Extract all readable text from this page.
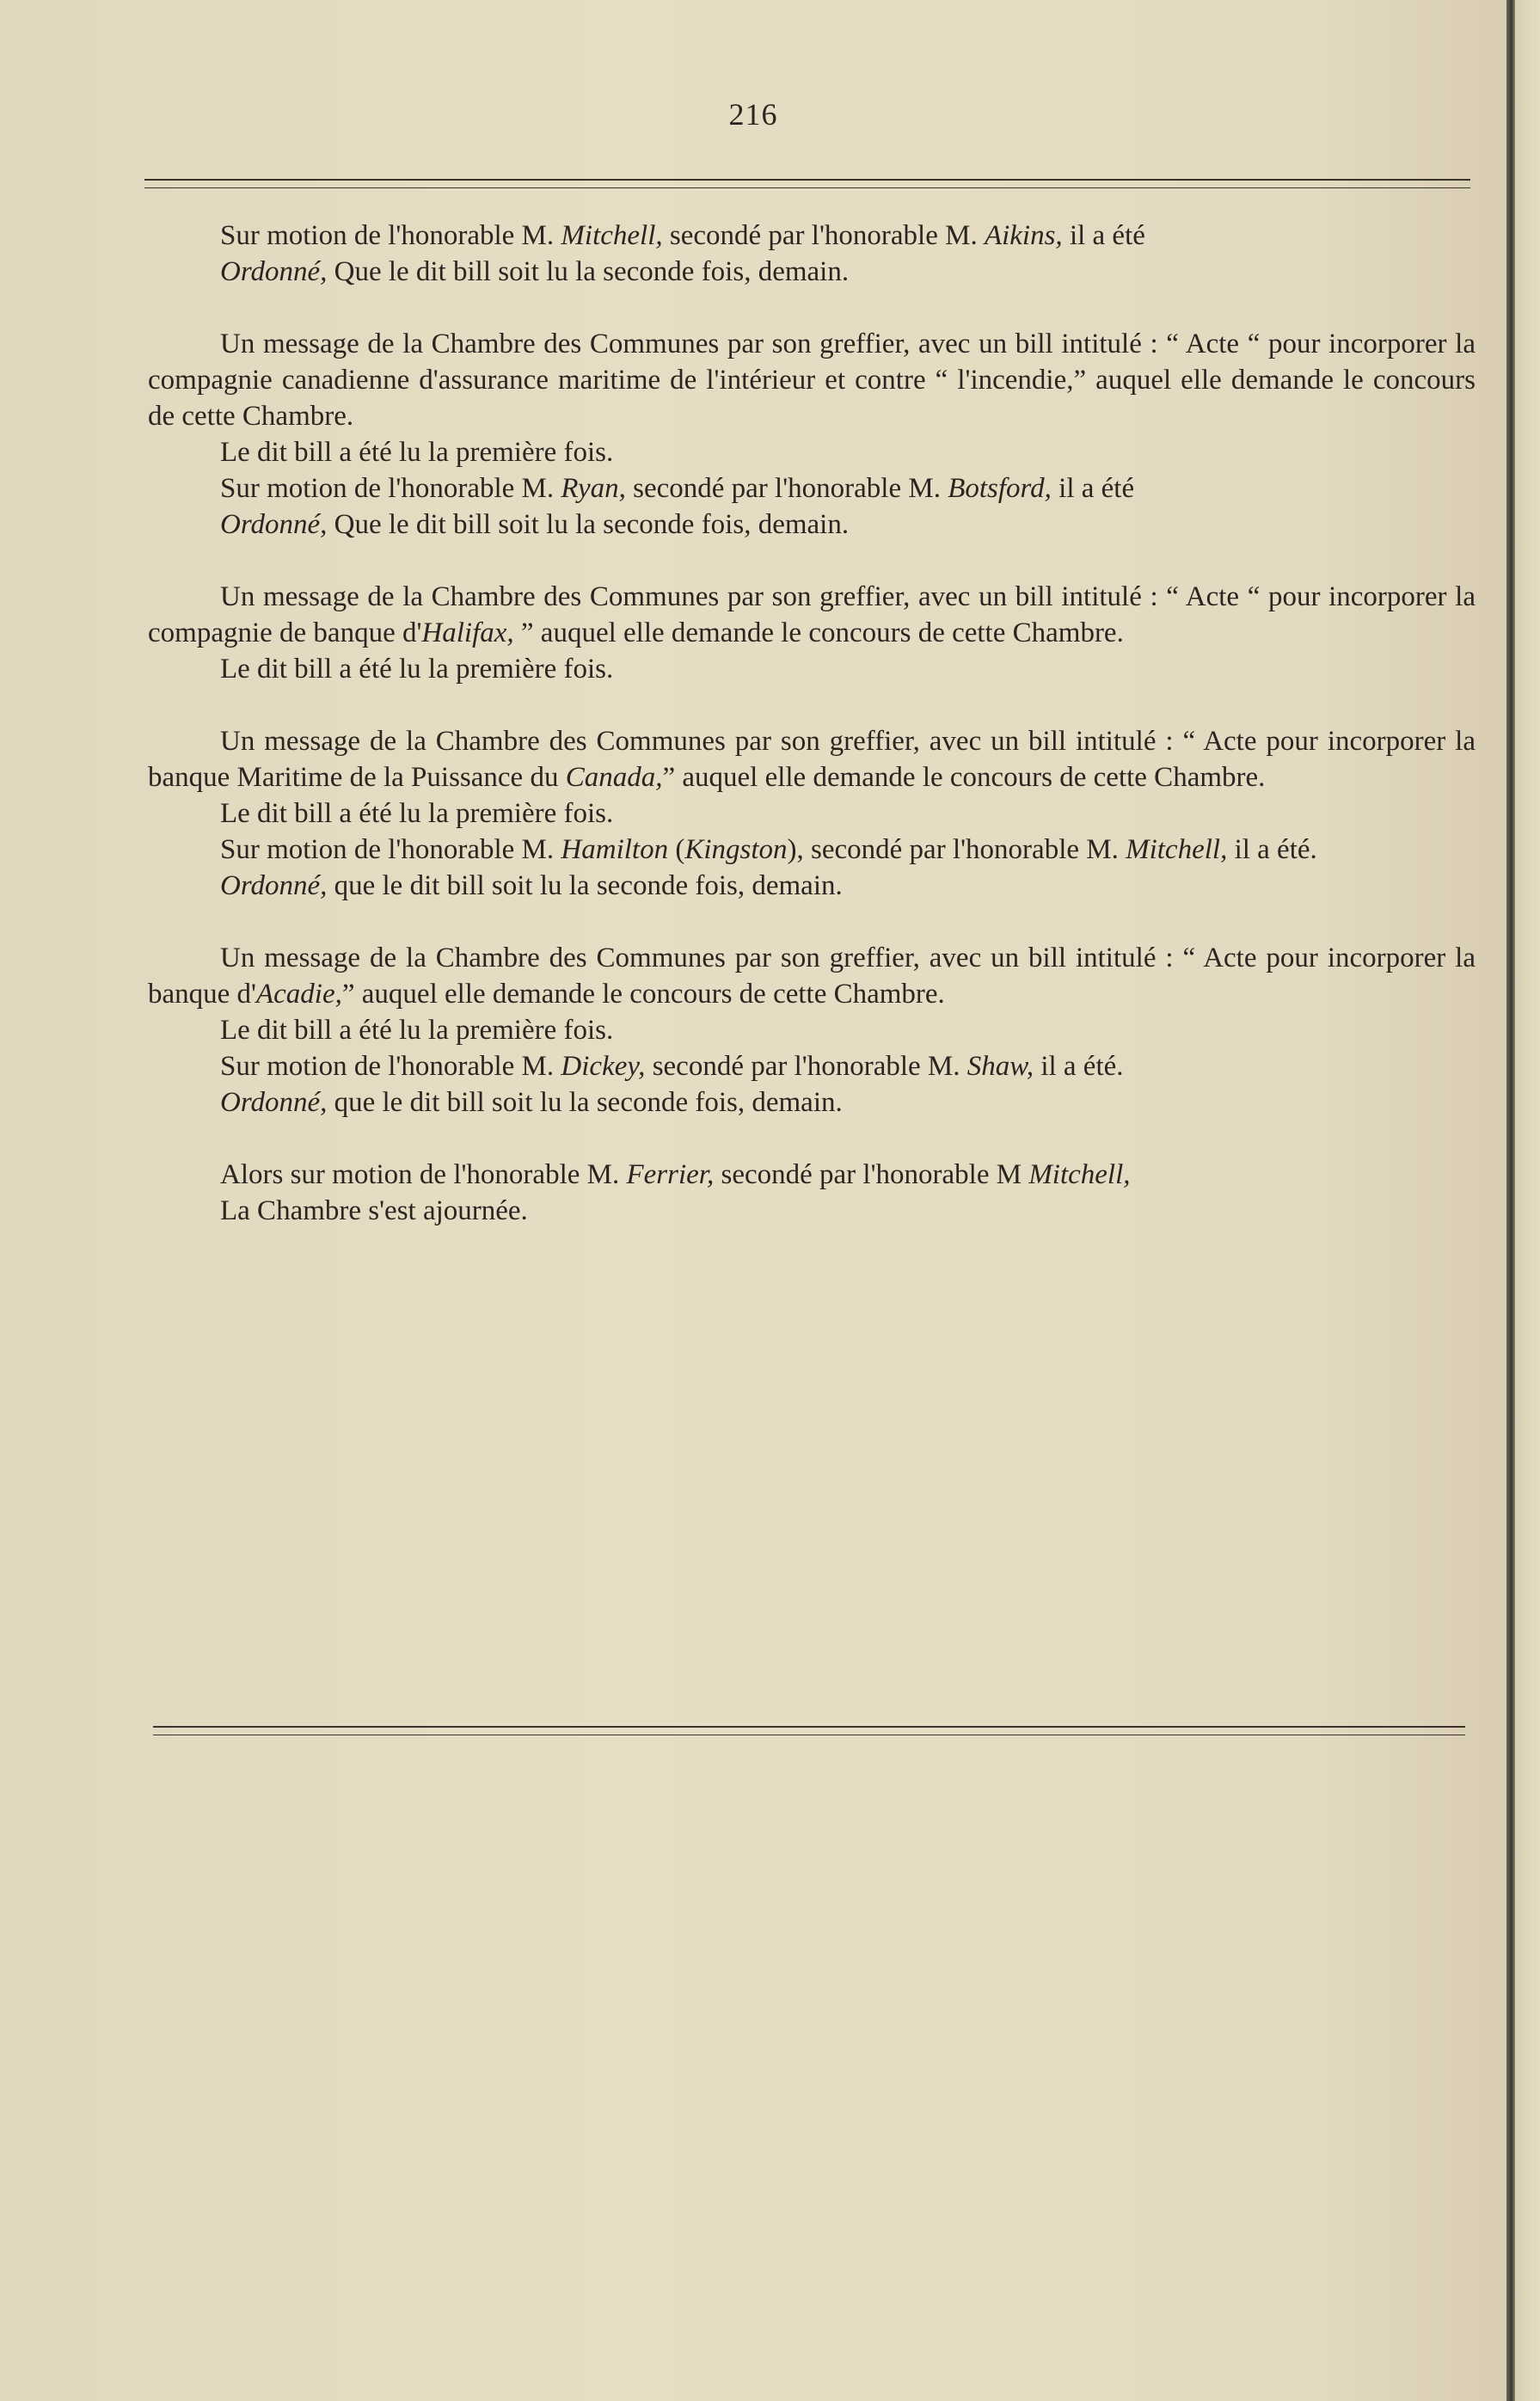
216

Sur motion de l'honorable M. Mitchell, secondé par l'honorable M. Aikins, il a été

Ordonné, Que le dit bill soit lu la seconde fois, demain.

Un message de la Chambre des Communes par son greffier, avec un bill intitulé : “ Acte “ pour incorporer la compagnie canadienne d'assurance maritime de l'intérieur et contre “ l'incendie,” auquel elle demande le concours de cette Chambre.

Le dit bill a été lu la première fois.

Sur motion de l'honorable M. Ryan, secondé par l'honorable M. Botsford, il a été

Ordonné, Que le dit bill soit lu la seconde fois, demain.

Un message de la Chambre des Communes par son greffier, avec un bill intitulé : “ Acte “ pour incorporer la compagnie de banque d'Halifax, ” auquel elle demande le concours de cette Chambre.

Le dit bill a été lu la première fois.

Un message de la Chambre des Communes par son greffier, avec un bill intitulé : “ Acte pour incorporer la banque Maritime de la Puissance du Canada,” auquel elle demande le concours de cette Chambre.

Le dit bill a été lu la première fois.

Sur motion de l'honorable M. Hamilton (Kingston), secondé par l'honorable M. Mitchell, il a été.

Ordonné, que le dit bill soit lu la seconde fois, demain.

Un message de la Chambre des Communes par son greffier, avec un bill intitulé : “ Acte pour incorporer la banque d'Acadie,” auquel elle demande le concours de cette Chambre.

Le dit bill a été lu la première fois.

Sur motion de l'honorable M. Dickey, secondé par l'honorable M. Shaw, il a été.

Ordonné, que le dit bill soit lu la seconde fois, demain.

Alors sur motion de l'honorable M. Ferrier, secondé par l'honorable M Mitchell,

La Chambre s'est ajournée.
